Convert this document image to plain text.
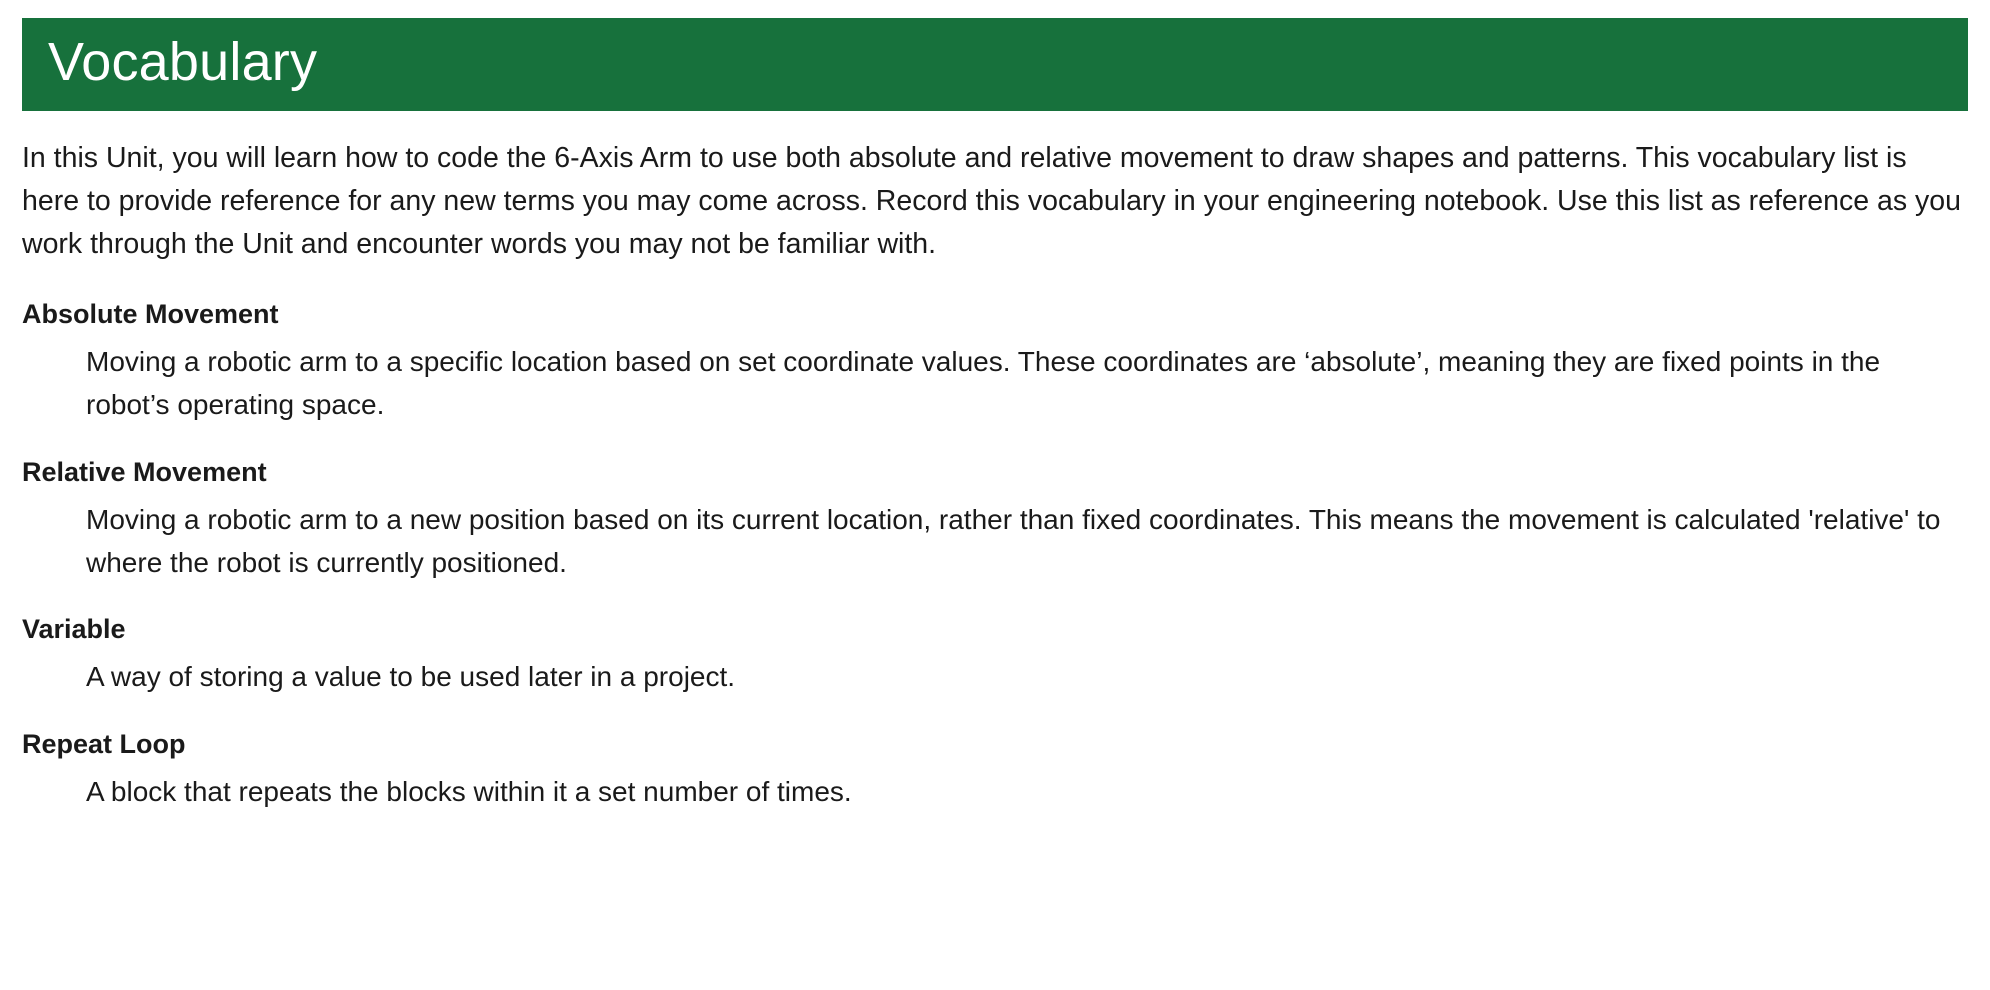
Vocabulary

In this Unit, you will learn how to code the 6-Axis Arm to use both absolute and relative movement to draw shapes and patterns. This vocabulary list is here to provide reference for any new terms you may come across. Record this vocabulary in your engineering notebook. Use this list as reference as you work through the Unit and encounter words you may not be familiar with.

Absolute Movement
Moving a robotic arm to a specific location based on set coordinate values. These coordinates are ‘absolute’, meaning they are fixed points in the robot’s operating space.
Relative Movement
Moving a robotic arm to a new position based on its current location, rather than fixed coordinates. This means the movement is calculated 'relative' to where the robot is currently positioned.
Variable
A way of storing a value to be used later in a project.
Repeat Loop
A block that repeats the blocks within it a set number of times.
